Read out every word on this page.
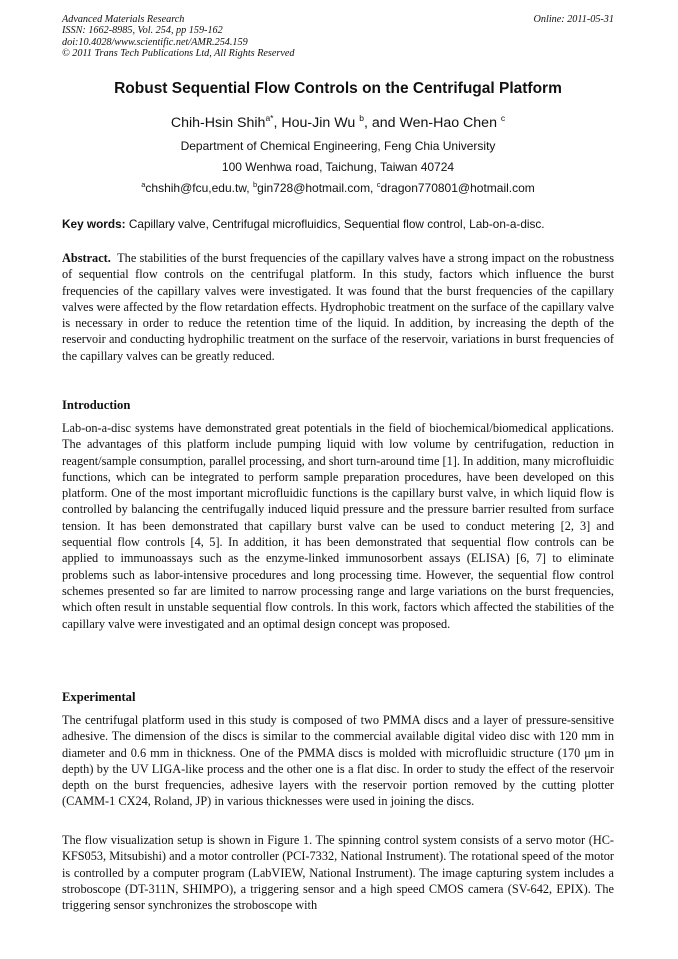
Advanced Materials Research
ISSN: 1662-8985, Vol. 254, pp 159-162
doi:10.4028/www.scientific.net/AMR.254.159
© 2011 Trans Tech Publications Ltd, All Rights Reserved
Online: 2011-05-31
Robust Sequential Flow Controls on the Centrifugal Platform
Chih-Hsin Shih$^{a*}$, Hou-Jin Wu $^b$, and Wen-Hao Chen $^c$
Department of Chemical Engineering, Feng Chia University
100 Wenhwa road, Taichung, Taiwan 40724
$^a$chshih@fcu,edu.tw, $^b$gin728@hotmail.com, $^c$dragon770801@hotmail.com
Key words: Capillary valve, Centrifugal microfluidics, Sequential flow control, Lab-on-a-disc.
Abstract. The stabilities of the burst frequencies of the capillary valves have a strong impact on the robustness of sequential flow controls on the centrifugal platform. In this study, factors which influence the burst frequencies of the capillary valves were investigated. It was found that the burst frequencies of the capillary valves were affected by the flow retardation effects. Hydrophobic treatment on the surface of the capillary valve is necessary in order to reduce the retention time of the liquid. In addition, by increasing the depth of the reservoir and conducting hydrophilic treatment on the surface of the reservoir, variations in burst frequencies of the capillary valves can be greatly reduced.
Introduction
Lab-on-a-disc systems have demonstrated great potentials in the field of biochemical/biomedical applications. The advantages of this platform include pumping liquid with low volume by centrifugation, reduction in reagent/sample consumption, parallel processing, and short turn-around time [1]. In addition, many microfluidic functions, which can be integrated to perform sample preparation procedures, have been developed on this platform. One of the most important microfluidic functions is the capillary burst valve, in which liquid flow is controlled by balancing the centrifugally induced liquid pressure and the pressure barrier resulted from surface tension. It has been demonstrated that capillary burst valve can be used to conduct metering [2, 3] and sequential flow controls [4, 5]. In addition, it has been demonstrated that sequential flow controls can be applied to immunoassays such as the enzyme-linked immunosorbent assays (ELISA) [6, 7] to eliminate problems such as labor-intensive procedures and long processing time. However, the sequential flow control schemes presented so far are limited to narrow processing range and large variations on the burst frequencies, which often result in unstable sequential flow controls. In this work, factors which affected the stabilities of the capillary valve were investigated and an optimal design concept was proposed.
Experimental
The centrifugal platform used in this study is composed of two PMMA discs and a layer of pressure-sensitive adhesive. The dimension of the discs is similar to the commercial available digital video disc with 120 mm in diameter and 0.6 mm in thickness. One of the PMMA discs is molded with microfluidic structure (170 μm in depth) by the UV LIGA-like process and the other one is a flat disc. In order to study the effect of the reservoir depth on the burst frequencies, adhesive layers with the reservoir portion removed by the cutting plotter (CAMM-1 CX24, Roland, JP) in various thicknesses were used in joining the discs.
The flow visualization setup is shown in Figure 1. The spinning control system consists of a servo motor (HC-KFS053, Mitsubishi) and a motor controller (PCI-7332, National Instrument). The rotational speed of the motor is controlled by a computer program (LabVIEW, National Instrument). The image capturing system includes a stroboscope (DT-311N, SHIMPO), a triggering sensor and a high speed CMOS camera (SV-642, EPIX). The triggering sensor synchronizes the stroboscope with
